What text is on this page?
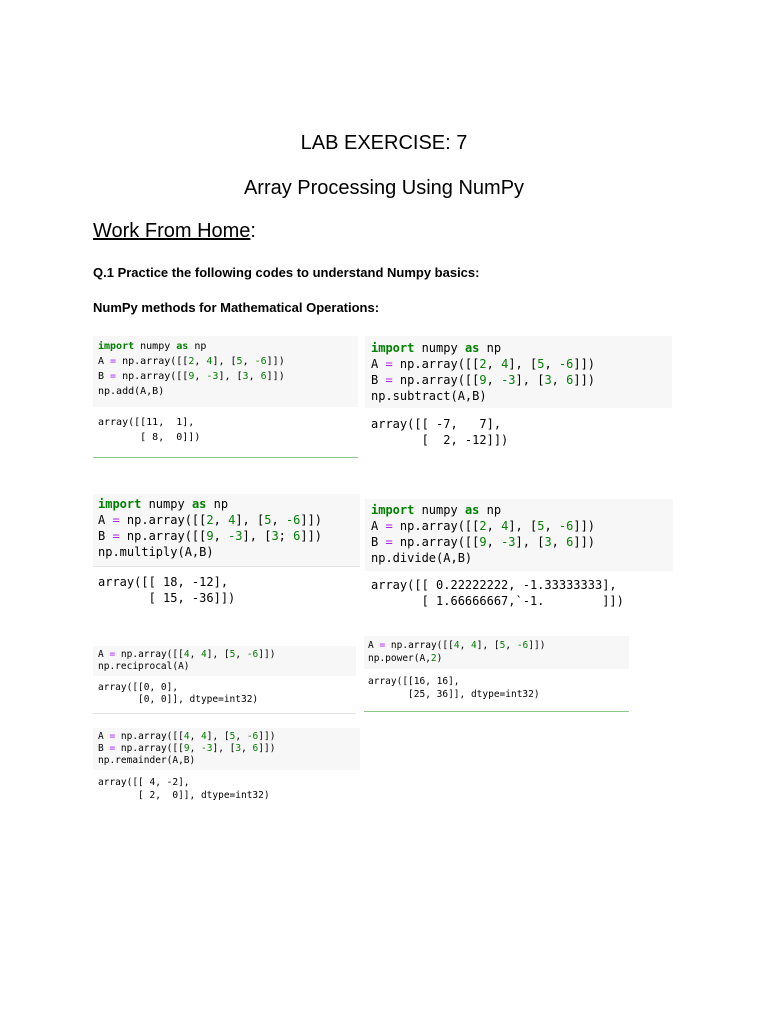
LAB EXERCISE: 7
Array Processing Using NumPy
Work From Home:
Q.1 Practice the following codes to understand Numpy basics:
NumPy methods for Mathematical Operations:
import numpy as np
A = np.array([[2, 4], [5, -6]])
B = np.array([[9, -3], [3, 6]])
np.add(A,B)
array([[11,  1],
[ 8,  0]])
import numpy as np
A = np.array([[2, 4], [5, -6]])
B = np.array([[9, -3], [3, 6]])
np.subtract(A,B)
array([[ -7,   7],
[  2, -12]])
import numpy as np
A = np.array([[2, 4], [5, -6]])
B = np.array([[9, -3], [3; 6]])
np.multiply(A,B)
array([[ 18, -12],
[ 15, -36]])
import numpy as np
A = np.array([[2, 4], [5, -6]])
B = np.array([[9, -3], [3, 6]])
np.divide(A,B)
array([[ 0.22222222, -1.33333333],
[ 1.66666667,`-1.        ]])
A = np.array([[4, 4], [5, -6]])
np.reciprocal(A)
array([[0, 0],
[0, 0]], dtype=int32)
A = np.array([[4, 4], [5, -6]])
np.power(A,2)
array([[16, 16],
[25, 36]], dtype=int32)
A = np.array([[4, 4], [5, -6]])
B = np.array([[9, -3], [3, 6]])
np.remainder(A,B)
array([[ 4, -2],
[ 2,  0]], dtype=int32)
